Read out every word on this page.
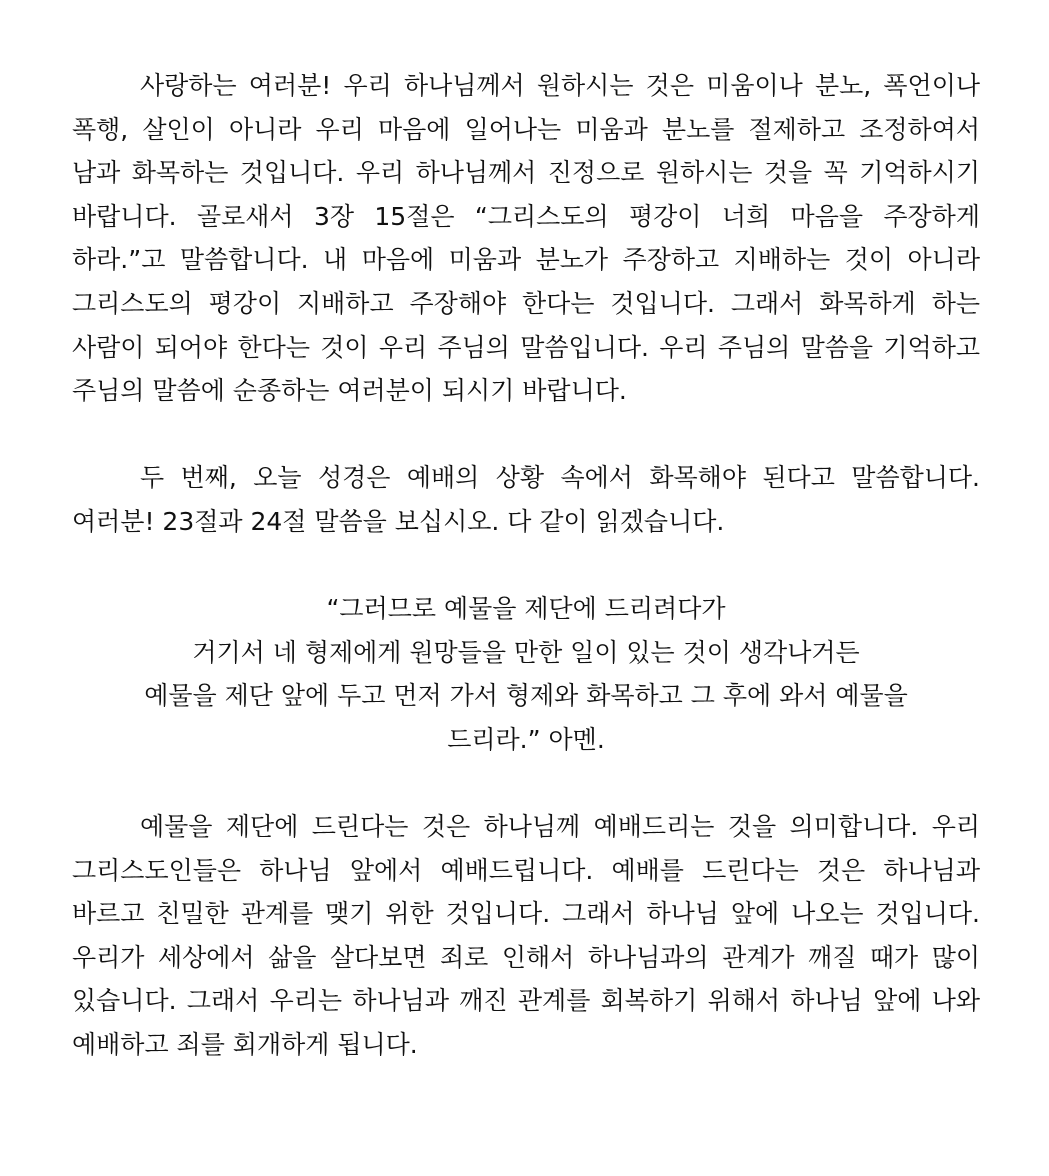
사랑하는 여러분! 우리 하나님께서 원하시는 것은 미움이나 분노, 폭언이나 폭행, 살인이 아니라 우리 마음에 일어나는 미움과 분노를 절제하고 조정하여서 남과 화목하는 것입니다. 우리 하나님께서 진정으로 원하시는 것을 꼭 기억하시기 바랍니다. 골로새서 3장 15절은 “그리스도의 평강이 너희 마음을 주장하게 하라.”고 말씀합니다. 내 마음에 미움과 분노가 주장하고 지배하는 것이 아니라 그리스도의 평강이 지배하고 주장해야 한다는 것입니다. 그래서 화목하게 하는 사람이 되어야 한다는 것이 우리 주님의 말씀입니다. 우리 주님의 말씀을 기억하고 주님의 말씀에 순종하는 여러분이 되시기 바랍니다.

두 번째, 오늘 성경은 예배의 상황 속에서 화목해야 된다고 말씀합니다. 여러분! 23절과 24절 말씀을 보십시오. 다 같이 읽겠습니다.

“그러므로 예물을 제단에 드리려다가
거기서 네 형제에게 원망들을 만한 일이 있는 것이 생각나거든
예물을 제단 앞에 두고 먼저 가서 형제와 화목하고 그 후에 와서 예물을
드리라.” 아멘.

예물을 제단에 드린다는 것은 하나님께 예배드리는 것을 의미합니다. 우리 그리스도인들은 하나님 앞에서 예배드립니다. 예배를 드린다는 것은 하나님과 바르고 친밀한 관계를 맺기 위한 것입니다. 그래서 하나님 앞에 나오는 것입니다. 우리가 세상에서 삶을 살다보면 죄로 인해서 하나님과의 관계가 깨질 때가 많이 있습니다. 그래서 우리는 하나님과 깨진 관계를 회복하기 위해서 하나님 앞에 나와 예배하고 죄를 회개하게 됩니다.
